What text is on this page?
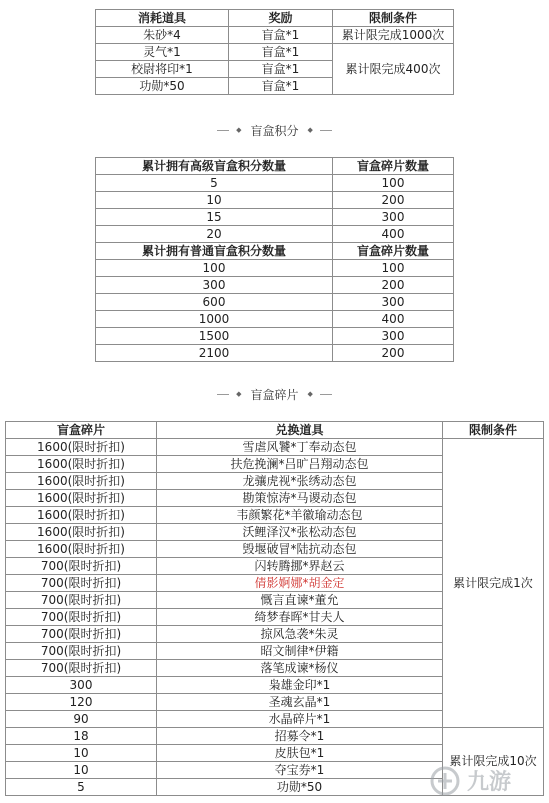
消耗道具	奖励	限制条件
朱砂*4	盲盒*1	累计限完成1000次
灵气*1	盲盒*1	累计限完成400次
校尉将印*1	盲盒*1	
功勋*50	盲盒*1	
◆ 盲盒积分 ◆
累计拥有高级盲盒积分数量	盲盒碎片数量
5	100
10	200
15	300
20	400
累计拥有普通盲盒积分数量	盲盒碎片数量
100	100
300	200
600	300
1000	400
1500	300
2100	200
◆ 盲盒碎片 ◆
盲盒碎片	兑换道具	限制条件
1600(限时折扣)	雪虐风饕*丁奉动态包	累计限完成1次
1600(限时折扣)	扶危挽澜*吕旷吕翔动态包	
1600(限时折扣)	龙骧虎视*张绣动态包	
1600(限时折扣)	勘策惊涛*马谡动态包	
1600(限时折扣)	韦颜繁花*羊徽瑜动态包	
1600(限时折扣)	沃鲤泽汉*张松动态包	
1600(限时折扣)	毁堰破冒*陆抗动态包	
700(限时折扣)	闪转腾挪*界赵云	
700(限时折扣)	倩影婀娜*胡金定	
700(限时折扣)	慨言直谏*董允	
700(限时折扣)	绮梦春晖*甘夫人	
700(限时折扣)	掠风急袭*朱灵	
700(限时折扣)	昭文制律*伊籍	
700(限时折扣)	落笔成谏*杨仪	
300	枭雄金印*1	
120	圣魂玄晶*1	
90	水晶碎片*1	
18	招募令*1	累计限完成10次
10	皮肤包*1	
10	夺宝券*1	
5	功勋*50		九游
